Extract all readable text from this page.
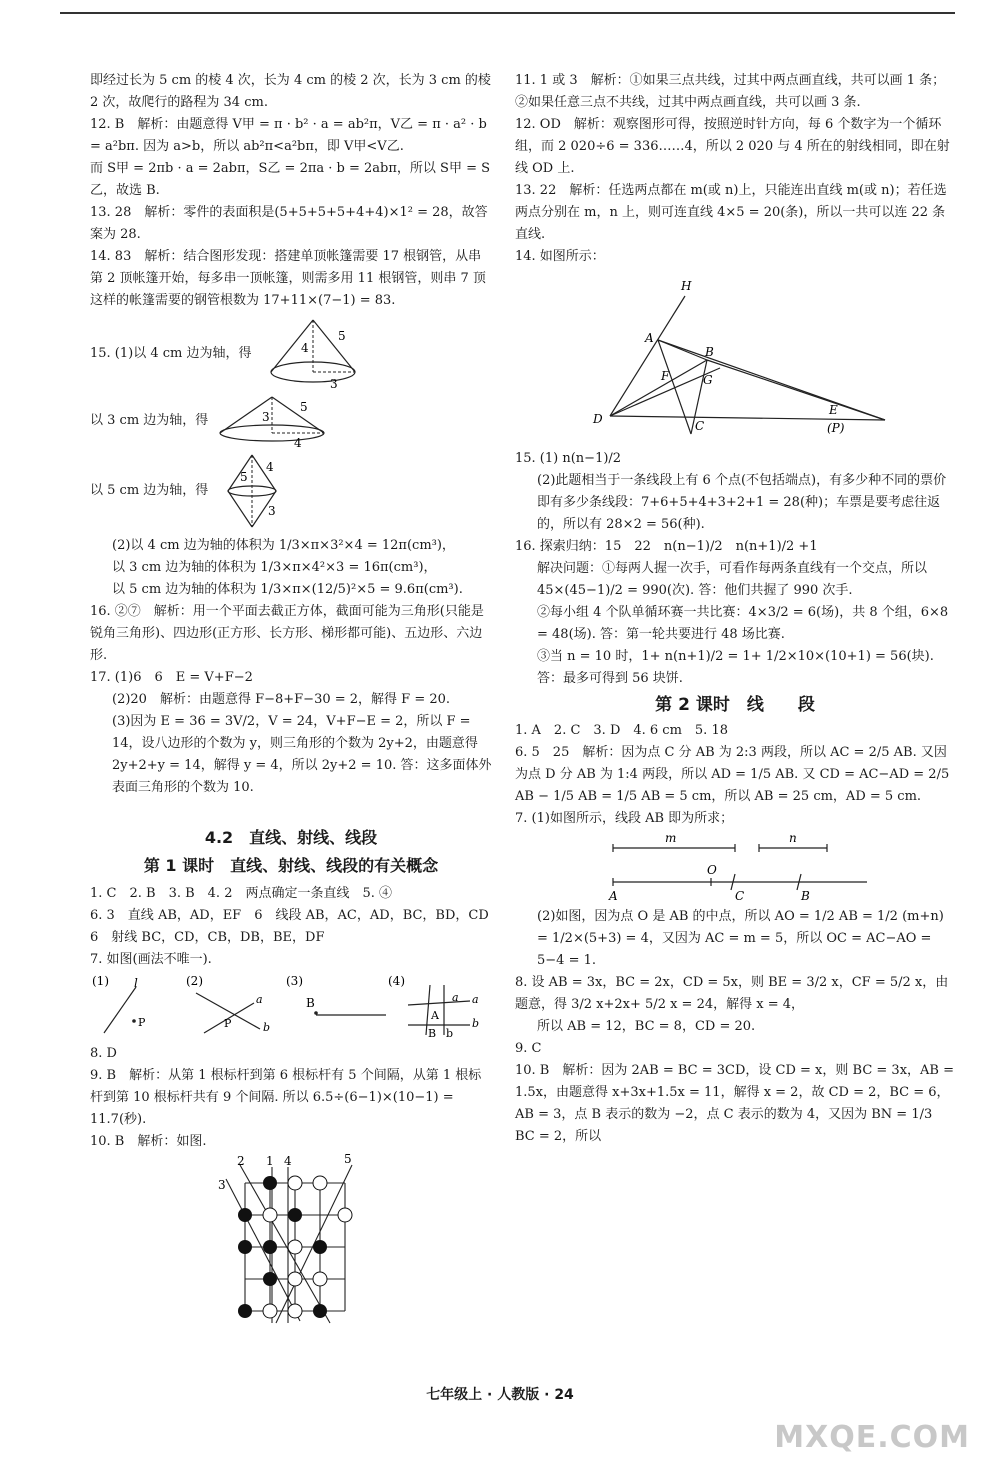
即经过长为 5 cm 的棱 4 次，长为 4 cm 的棱 2 次，长为 3 cm 的棱 2 次，故爬行的路程为 34 cm.

12. B　解析：由题意得 V甲 = π · b² · a = ab²π，V乙 = π · a² · b = a²bπ. 因为 a>b，所以 ab²π<a²bπ，即 V甲<V乙.

而 S甲 = 2πb · a = 2abπ，S乙 = 2πa · b = 2abπ，所以 S甲 = S乙，故选 B.

13. 28　解析：零件的表面积是(5+5+5+5+4+4)×1² = 28，故答案为 28.

14. 83　解析：结合图形发现：搭建单顶帐篷需要 17 根钢管，从串第 2 顶帐篷开始，每多串一顶帐篷，则需多用 11 根钢管，则串 7 顶这样的帐篷需要的钢管根数为 17+11×(7−1) = 83.

15. (1)以 4 cm 边为轴，得
5
4
3
以 3 cm 边为轴，得
5
3
4
以 5 cm 边为轴，得
4
5
3

(2)以 4 cm 边为轴的体积为 1/3×π×3²×4 = 12π(cm³)，

以 3 cm 边为轴的体积为 1/3×π×4²×3 = 16π(cm³)，

以 5 cm 边为轴的体积为 1/3×π×(12/5)²×5 = 9.6π(cm³).

16. ②⑦　解析：用一个平面去截正方体，截面可能为三角形(只能是锐角三角形)、四边形(正方形、长方形、梯形都可能)、五边形、六边形.

17. (1)6　6　E = V+F−2

(2)20　解析：由题意得 F−8+F−30 = 2，解得 F = 20.

(3)因为 E = 36 = 3V/2，V = 24，V+F−E = 2，所以 F = 14，设八边形的个数为 y，则三角形的个数为 2y+2，由题意得 2y+2+y = 14，解得 y = 4，所以 2y+2 = 10. 答：这多面体外表面三角形的个数为 10.

4.2　直线、射线、线段
第 1 课时　直线、射线、线段的有关概念

1. C　2. B　3. B　4. 2　两点确定一条直线　5. ④

6. 3　直线 AB，AD，EF　6　线段 AB，AC，AD，BC，BD，CD　6　射线 BC，CD，CB，DB，BE，DF

7. 如图(画法不唯一).

(1) l
P
(2)
a
b
P
(3)
B
(4)
a
b
A
B b
a

8. D

9. B　解析：从第 1 根标杆到第 6 根标杆有 5 个间隔，从第 1 根标杆到第 10 根标杆共有 9 个间隔. 所以 6.5÷(6−1)×(10−1) = 11.7(秒).

10. B　解析：如图.

2 1 4	5
3

11. 1 或 3　解析：①如果三点共线，过其中两点画直线，共可以画 1 条；②如果任意三点不共线，过其中两点画直线，共可以画 3 条.

12. OD　解析：观察图形可得，按照逆时针方向，每 6 个数字为一个循环组，而 2 020÷6 = 336……4，所以 2 020 与 4 所在的射线相同，即在射线 OD 上.

13. 22　解析：任选两点都在 m(或 n)上，只能连出直线 m(或 n)；若任选两点分别在 m，n 上，则可连直线 4×5 = 20(条)，所以一共可以连 22 条直线.

14. 如图所示：

H
A
B
F	G
D	C
E
(P)

15. (1) n(n−1)/2

(2)此题相当于一条线段上有 6 个点(不包括端点)，有多少种不同的票价即有多少条线段：7+6+5+4+3+2+1 = 28(种)；车票是要考虑往返的，所以有 28×2 = 56(种).

16. 探索归纳：15　22　n(n−1)/2　n(n+1)/2 +1

解决问题：①每两人握一次手，可看作每两条直线有一个交点，所以 45×(45−1)/2 = 990(次). 答：他们共握了 990 次手.

②每小组 4 个队单循环赛一共比赛：4×3/2 = 6(场)，共 8 个组，6×8 = 48(场). 答：第一轮共要进行 48 场比赛.

③当 n = 10 时，1+ n(n+1)/2 = 1+ 1/2×10×(10+1) = 56(块). 答：最多可得到 56 块饼.

第 2 课时　线　　段

1. A　2. C　3. D　4. 6 cm　5. 18

6. 5　25　解析：因为点 C 分 AB 为 2:3 两段，所以 AC = 2/5 AB. 又因为点 D 分 AB 为 1:4 两段，所以 AD = 1/5 AB. 又 CD = AC−AD = 2/5 AB − 1/5 AB = 1/5 AB = 5 cm，所以 AB = 25 cm，AD = 5 cm.

7. (1)如图所示，线段 AB 即为所求；

m	n
O
A	C	B

(2)如图，因为点 O 是 AB 的中点，所以 AO = 1/2 AB = 1/2 (m+n) = 1/2×(5+3) = 4，又因为 AC = m = 5，所以 OC = AC−AO = 5−4 = 1.

8. 设 AB = 3x，BC = 2x，CD = 5x，则 BE = 3/2 x，CF = 5/2 x，由题意，得 3/2 x+2x+ 5/2 x = 24，解得 x = 4，

所以 AB = 12，BC = 8，CD = 20.

9. C

10. B　解析：因为 2AB = BC = 3CD，设 CD = x，则 BC = 3x，AB = 1.5x，由题意得 x+3x+1.5x = 11，解得 x = 2，故 CD = 2，BC = 6，AB = 3，点 B 表示的数为 −2，点 C 表示的数为 4，又因为 BN = 1/3 BC = 2，所以

七年级上 · 人教版 · 24
MXQE.COM
